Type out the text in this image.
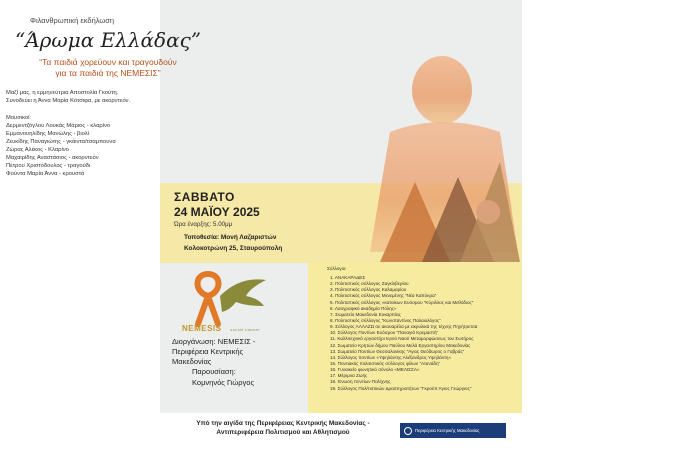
Φιλανθρωπική εκδήλωση
“Άρωμα Ελλάδας”
“Τα παιδιά χορεύουν και τραγουδούν
για τα παιδιά της ΝΕΜΕΣΙΣ”
Μαζί μας, η ερμηνεύτρια Αποστολία Γκούτη.
Συνοδεύει η Άννα Μαρία Κότσιφα, με ακορντεόν.
Μουσικοί:
Δερμεντζόγλου Λουκάς Μάριος - κλαρίνο
Εμμανουηλίδης Μανώλης - βιολί
Ζευκίδης Παναγιώτης - γκάιντα/τσαμπουνα
Ζώρας Αλέκος - Κλαρίνο
Μαχαιρίδης Αναστάσιος - ακορντεόν
Πέτρου Χριστόδουλος - τραγούδι
Φούντα Μαρία Άννα - κρουστά
ΣΑΒΒΑΤΟ
24 ΜΑΪΟΥ 2025
Ώρα έναρξης: 5.00μμ
Τοποθεσία: Μονή Λαζαριστών
Κολοκοτρώνη 25, Σταυρούπολη
NEMESIS social cancer
Διοργάνωση: ΝΕΜΕΣΙΣ -
Περιφέρεια Κεντρικής
Μακεδονίας
Παρουσίαση:
Κομνηνός Γιώργος
Σύλλογοι:
1. ΑΝΑΚΑΡΑΔΕΣ
2. Πολιτιστικός σύλλογος Ζαγκλιβερίου
3. Πολιτιστικός σύλλογος Καλαμαρίου
4. Πολιτιστικός σύλλογος Μενεμένης “Νέα Καπύκρα”
5. Πολιτιστικός σύλλογος «κατοίκων Ευόσμου “Κύριλλος και Μεθόδιος”
6. Λαογραφικό ακαδημία Πόλης»
7. Σωματείο Μακεδονία Ευκαρπίας
8. Πολιτιστικός σύλλογος “Κωνσταντίνος Παλαιολόγος”
9. Σύλλογος ΑΛΛΑΖΩ σε ακουαρέλα με ακρυλικά της τέχνης Πηγήτρετσα
10. Σύλλογος Ποντίων Ευόσμου “Παναγιά Κρεμαστή”
11. Καλλιτεχνικό εργαστήρι Ιερού Ναού Μεταμορφώσεως του Σωτήρος
12. Σωματείο Κρητών δήμου Παύλου Μελά Εργαστηρίου Μακεδονίας
13. Σωματείο Ποντίων Θεσσαλονίκης “Άγιος Θεόδωρος ο Γαβράς”
14. Σύλλογος ποντίων «Υψηλάντης Αλέξανδρος Υψηλάντη»
15. Ποντιακός πολιτιστικός σύλλογος φίλων “Ατανάδη”
16. Γυναικείο φωνητικό σύνολο «ΜΕΛΙΣΣΑ»
17. Μέριμνα Ζωής
18. Ένωση ποντίων Πολ/χνης
19. Σύλλογος Πολ/τιστικών Δραστηριοτήτων “Γκρούπ Άγιος Γεώργιος”
Υπό την αιγίδα της Περιφέρειας Κεντρικής Μακεδονίας -
Αντιπεριφέρεια Πολιτισμού και Αθλητισμού	Περιφέρεια Κεντρικής Μακεδονίας
